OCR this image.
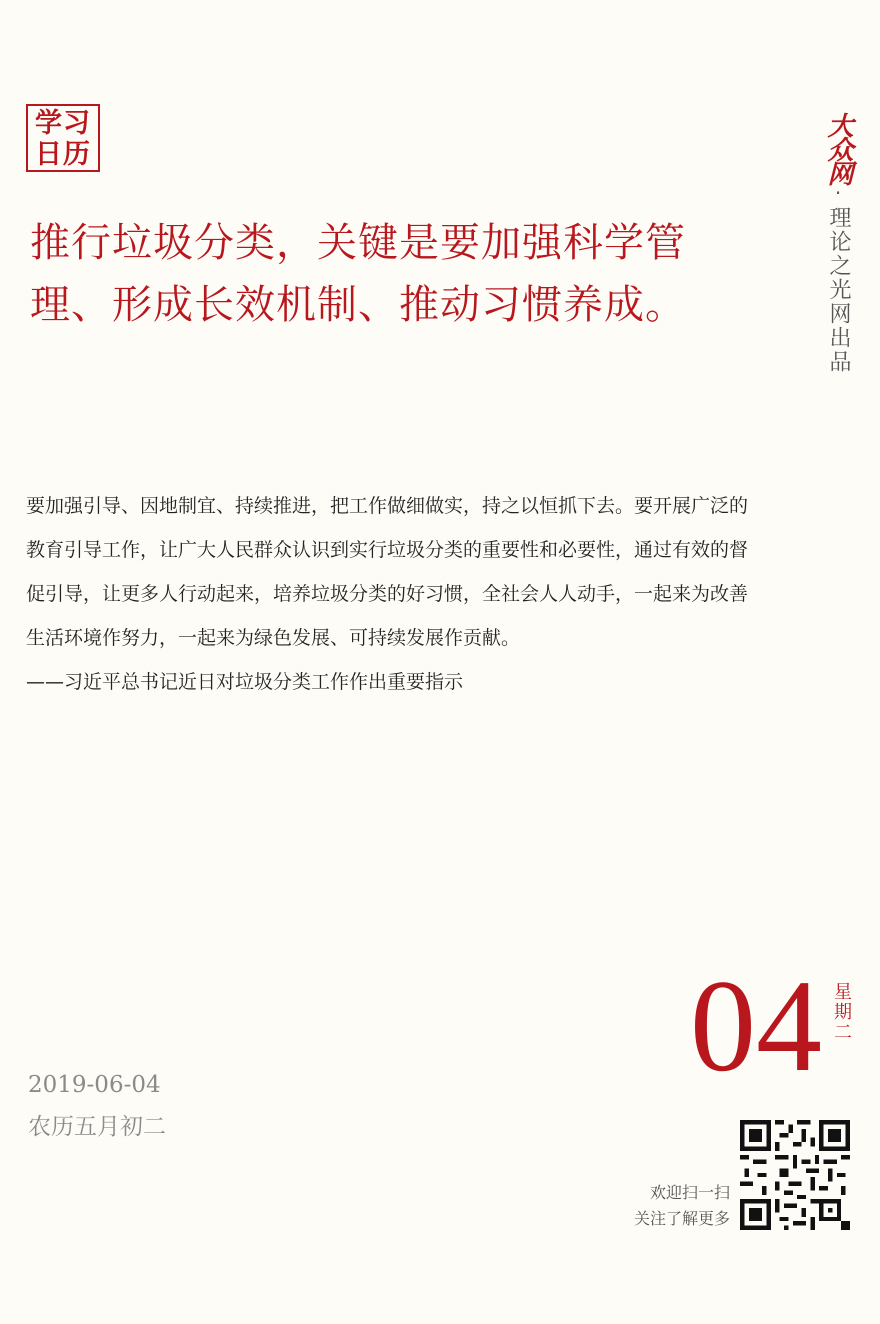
学习
日历
推行垃圾分类，关键是要加强科学管理、形成长效机制、推动习惯养成。

要加强引导、因地制宜、持续推进，把工作做细做实，持之以恒抓下去。要开展广泛的教育引导工作，让广大人民群众认识到实行垃圾分类的重要性和必要性，通过有效的督促引导，让更多人行动起来，培养垃圾分类的好习惯，全社会人人动手，一起来为改善生活环境作努力，一起来为绿色发展、可持续发展作贡献。

——习近平总书记近日对垃圾分类工作作出重要指示

大众网
·
理论之光网出品
04 星期二
2019-06-04
农历五月初二
欢迎扫一扫
关注了解更多
